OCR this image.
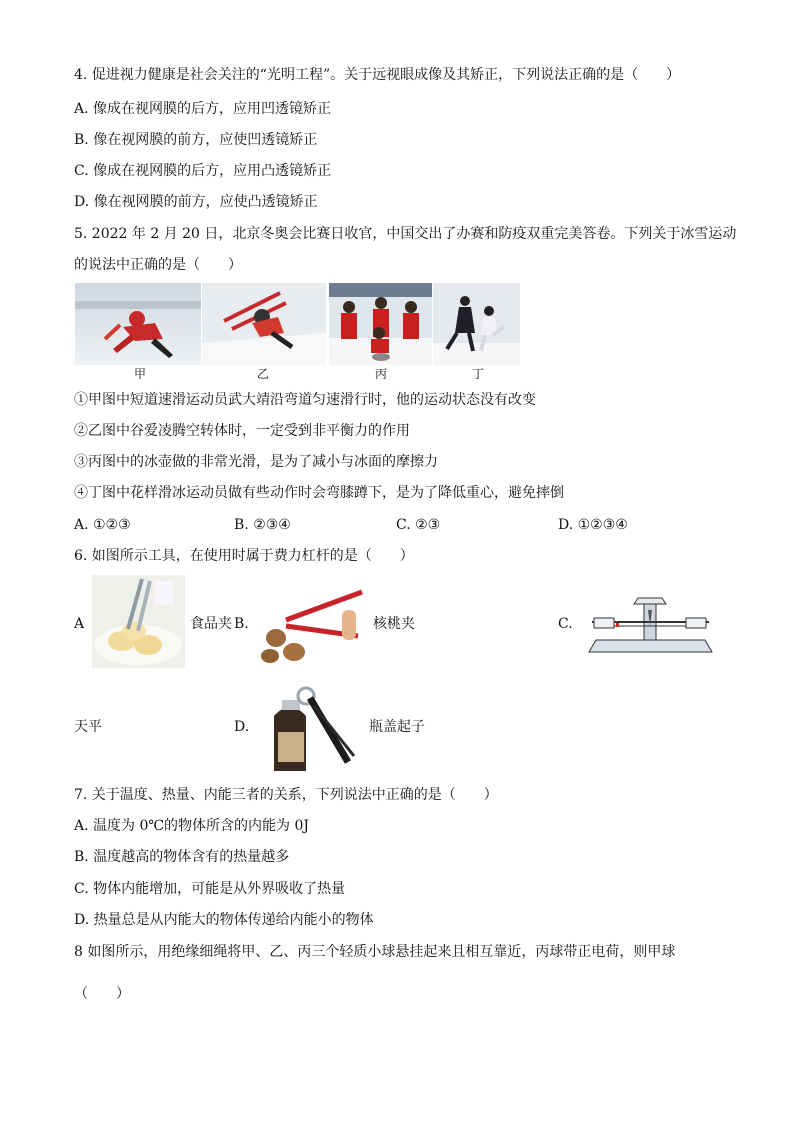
4. 促进视力健康是社会关注的“光明工程”。关于远视眼成像及其矫正，下列说法正确的是（　　）
A. 像成在视网膜的后方，应用凹透镜矫正
B. 像在视网膜的前方，应使凹透镜矫正
C. 像成在视网膜的后方，应用凸透镜矫正
D. 像在视网膜的前方，应使凸透镜矫正
5. 2022 年 2 月 20 日，北京冬奥会比赛日收官，中国交出了办赛和防疫双重完美答卷。下列关于冰雪运动
的说法中正确的是（　　）
甲	乙	丙	丁
①甲图中短道速滑运动员武大靖沿弯道匀速滑行时，他的运动状态没有改变
②乙图中谷爱凌腾空转体时，一定受到非平衡力的作用
③丙图中的冰壶做的非常光滑，是为了减小与冰面的摩擦力
④丁图中花样滑冰运动员做有些动作时会弯膝蹲下，是为了降低重心，避免摔倒
A. ①②③	B. ②③④	C. ②③	D. ①②③④
6. 如图所示工具，在使用时属于费力杠杆的是（　　）
A	食品夹 B.	核桃夹	C.
天平	D.	瓶盖起子
7. 关于温度、热量、内能三者的关系，下列说法中正确的是（　　）
A. 温度为 0℃的物体所含的内能为 0J
B. 温度越高的物体含有的热量越多
C. 物体内能增加，可能是从外界吸收了热量
D. 热量总是从内能大的物体传递给内能小的物体
8 如图所示，用绝缘细绳将甲、乙、丙三个轻质小球悬挂起来且相互靠近，丙球带正电荷，则甲球
（　　）
